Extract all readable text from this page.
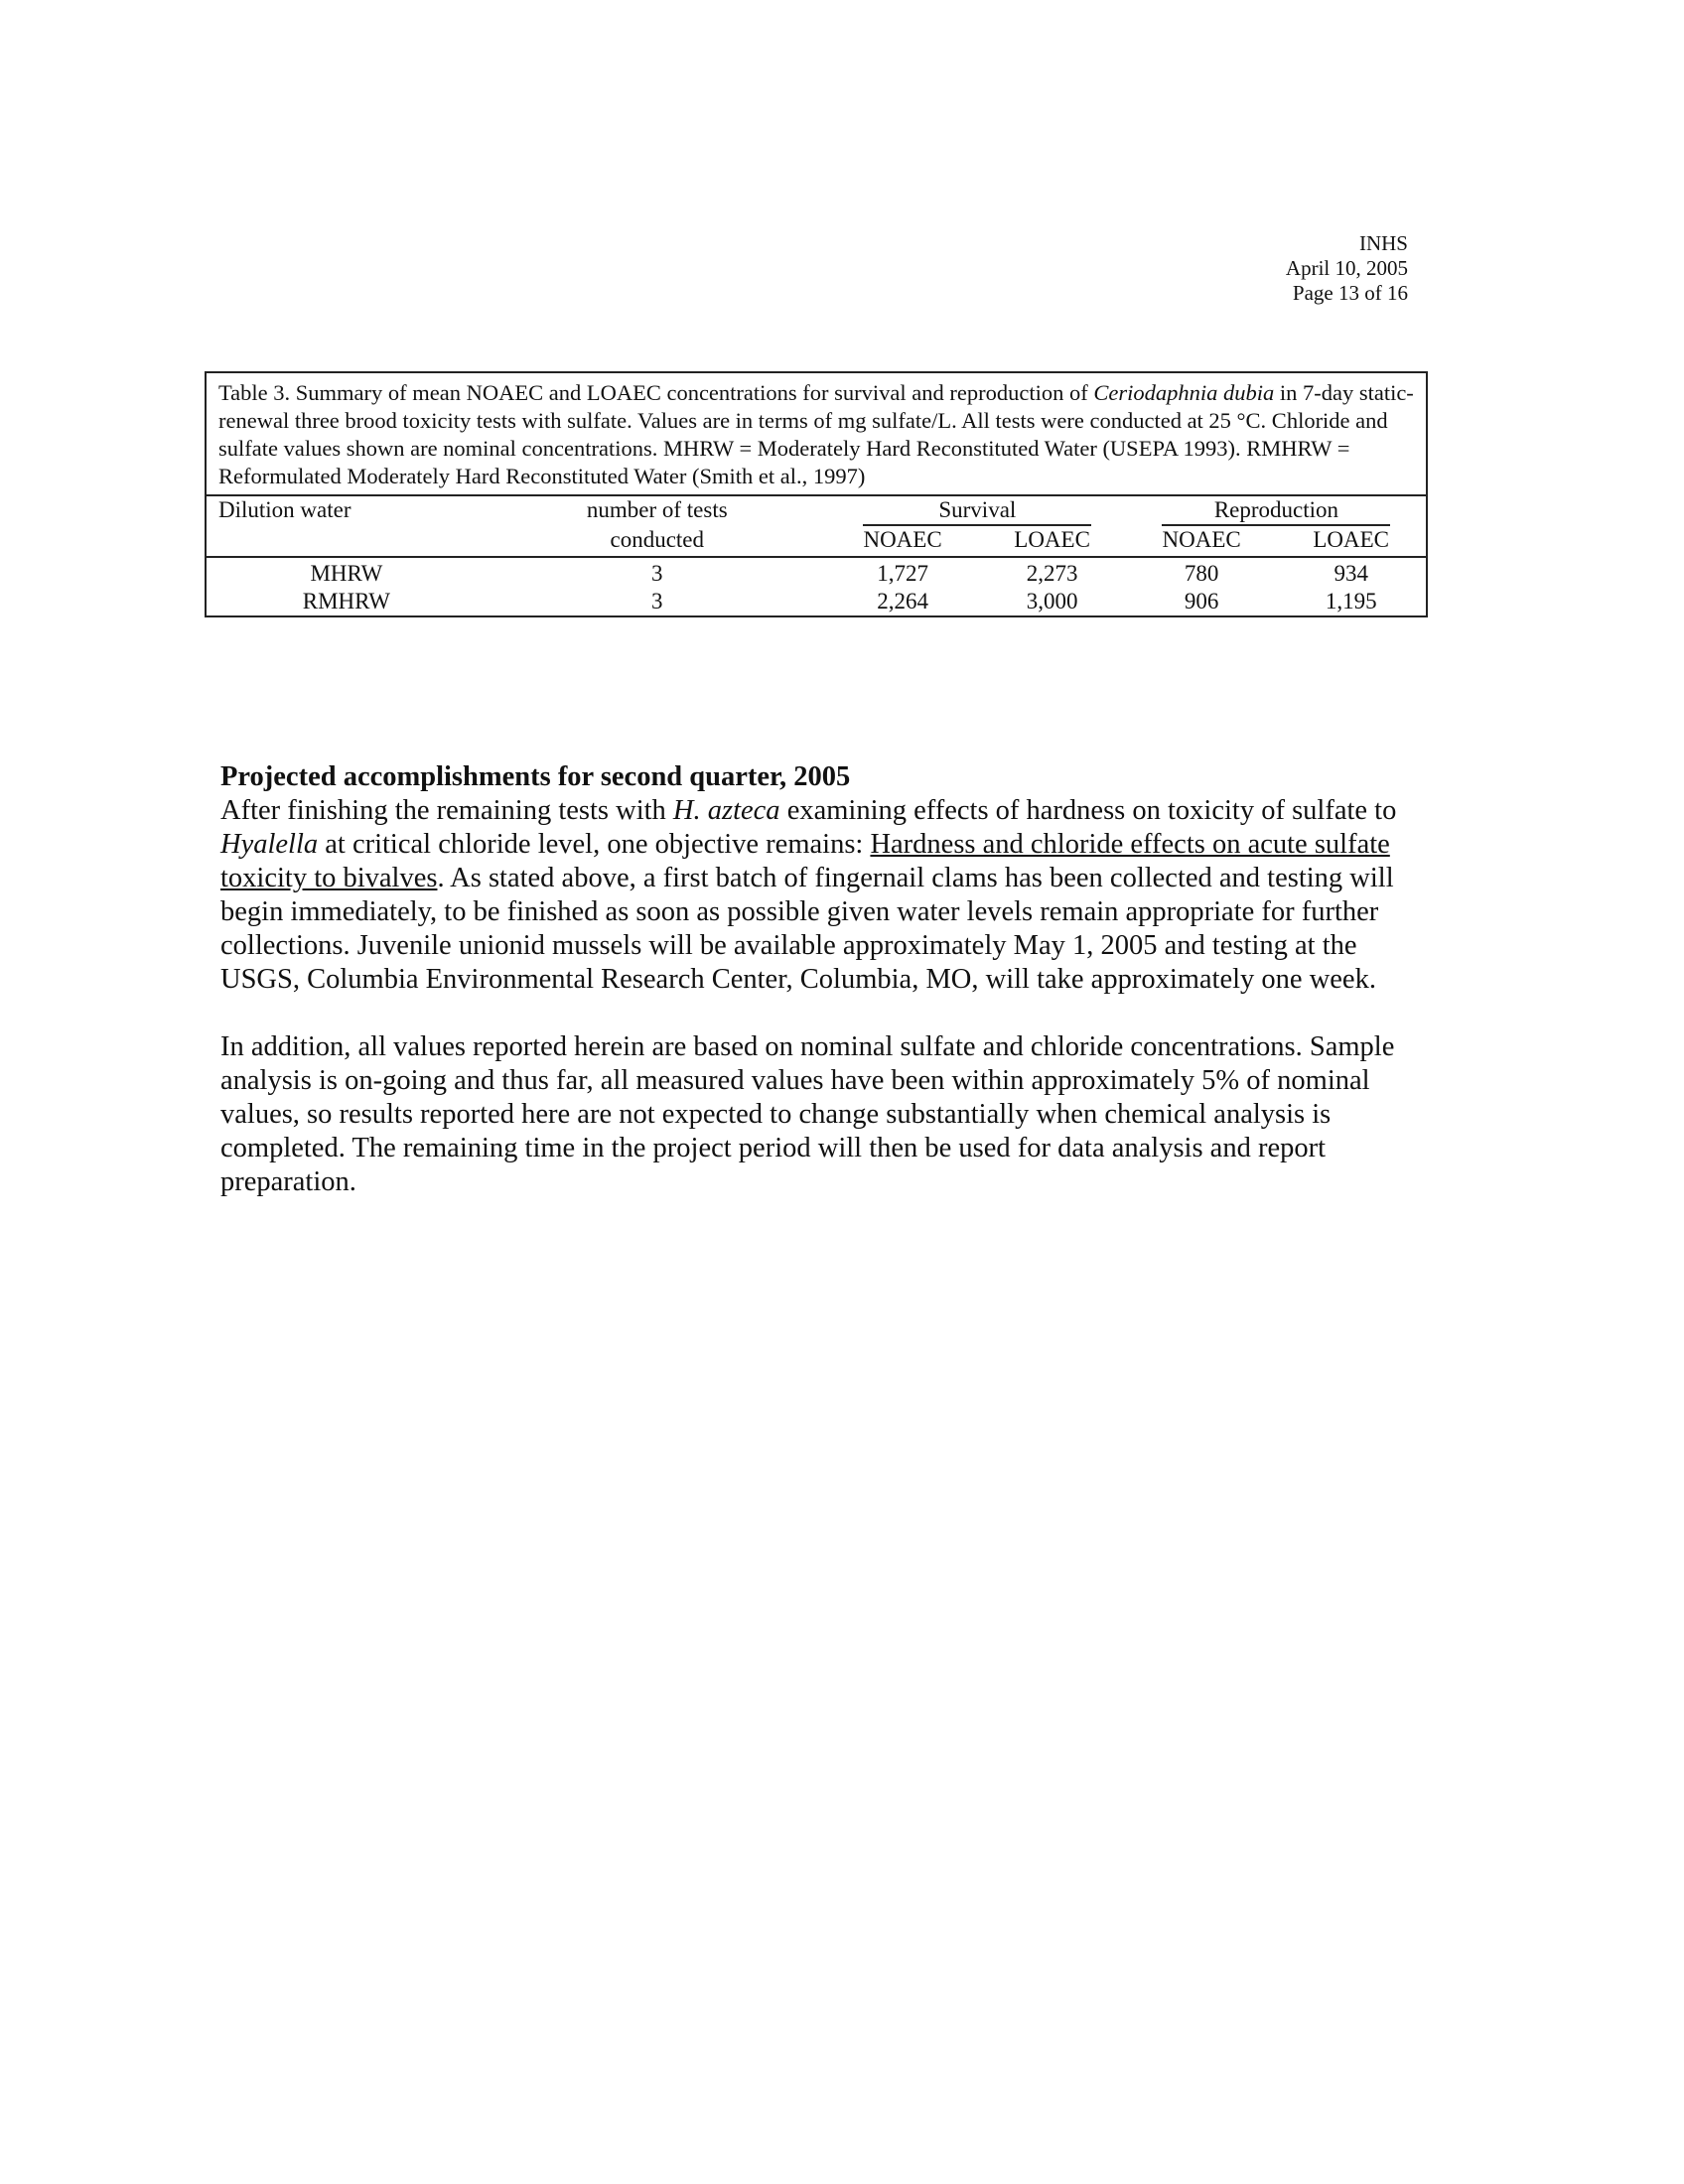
INHS
April 10, 2005
Page 13 of 16
Table 3. Summary of mean NOAEC and LOAEC concentrations for survival and reproduction of Ceriodaphnia dubia in 7-day static-renewal three brood toxicity tests with sulfate. Values are in terms of mg sulfate/L. All tests were conducted at 25 °C. Chloride and sulfate values shown are nominal concentrations. MHRW = Moderately Hard Reconstituted Water (USEPA 1993). RMHRW = Reformulated Moderately Hard Reconstituted Water (Smith et al., 1997)
Dilution water	number of tests	Survival		Reproduction	
	conducted	NOAEC	LOAEC	NOAEC	LOAEC
MHRW	3	1,727	2,273	780	934
RMHRW	3	2,264	3,000	906	1,195

Projected accomplishments for second quarter, 2005

After finishing the remaining tests with H. azteca examining effects of hardness on toxicity of sulfate to Hyalella at critical chloride level, one objective remains: Hardness and chloride effects on acute sulfate toxicity to bivalves. As stated above, a first batch of fingernail clams has been collected and testing will begin immediately, to be finished as soon as possible given water levels remain appropriate for further collections. Juvenile unionid mussels will be available approximately May 1, 2005 and testing at the USGS, Columbia Environmental Research Center, Columbia, MO, will take approximately one week.

In addition, all values reported herein are based on nominal sulfate and chloride concentrations. Sample analysis is on-going and thus far, all measured values have been within approximately 5% of nominal values, so results reported here are not expected to change substantially when chemical analysis is completed. The remaining time in the project period will then be used for data analysis and report preparation.
